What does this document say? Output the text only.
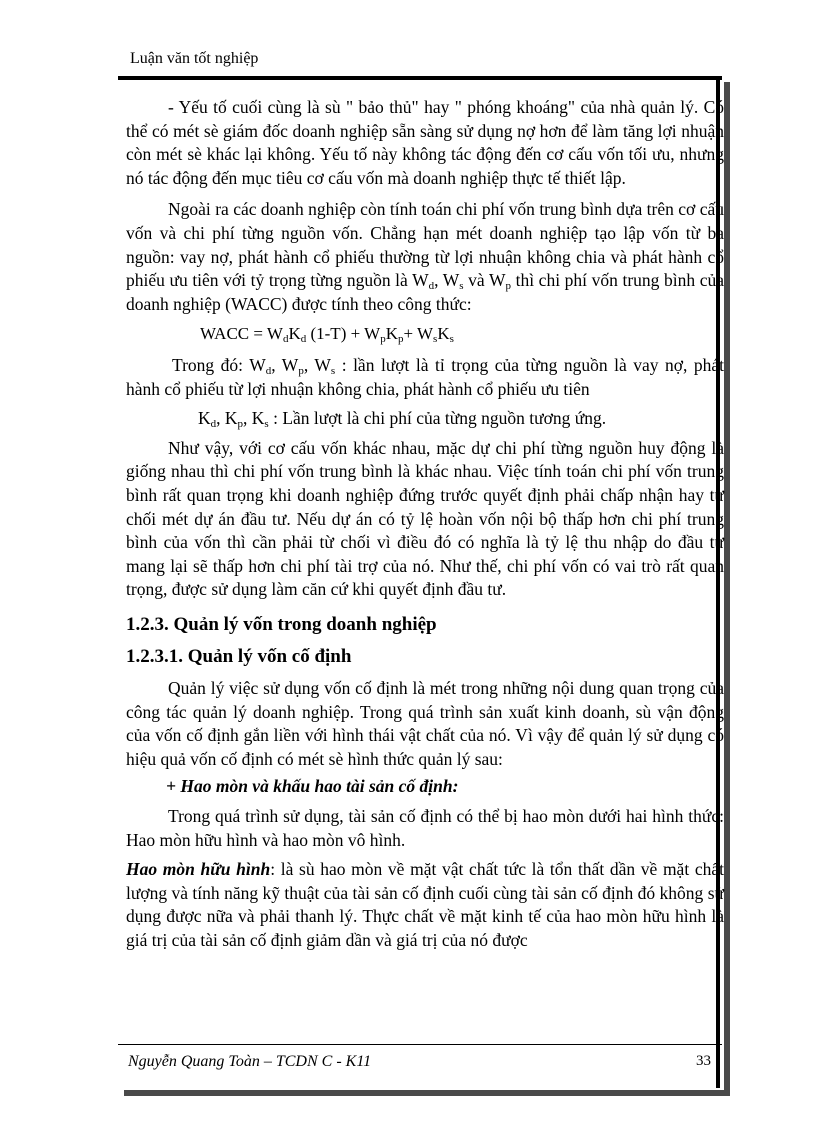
Luận văn tốt nghiệp

- Yếu tố cuối cùng là sù " bảo thủ" hay " phóng khoáng" của nhà quản lý. Có thể có mét sè giám đốc doanh nghiệp sẵn sàng sử dụng nợ hơn để làm tăng lợi nhuận còn mét sè khác lại không. Yếu tố này không tác động đến cơ cấu vốn tối ưu, nhưng nó tác động đến mục tiêu cơ cấu vốn mà doanh nghiệp thực tế thiết lập.

Ngoài ra các doanh nghiệp còn tính toán chi phí vốn trung bình dựa trên cơ cấu vốn và chi phí từng nguồn vốn. Chẳng hạn mét doanh nghiệp tạo lập vốn từ ba nguồn: vay nợ, phát hành cổ phiếu thường từ lợi nhuận không chia và phát hành cổ phiếu ưu tiên với tỷ trọng từng nguồn là $W_d$, $W_s$ và $W_p$ thì chi phí vốn trung bình của doanh nghiệp (WACC) được tính theo công thức:

WACC = $W_dK_d$ $(1-T) + W_pK_p+ W_sK_s$

Trong đó: $W_d$, $W_p$, $W_s$ : lần lượt là tỉ trọng của từng nguồn là vay nợ, phát hành cổ phiếu từ lợi nhuận không chia, phát hành cổ phiếu ưu tiên

$K_d$, $K_p$, $K_s$ : Lần lượt là chi phí của từng nguồn tương ứng.

Như vậy, với cơ cấu vốn khác nhau, mặc dự chi phí từng nguồn huy động là giống nhau thì chi phí vốn trung bình là khác nhau. Việc tính toán chi phí vốn trung bình rất quan trọng khi doanh nghiệp đứng trước quyết định phải chấp nhận hay từ chối mét dự án đầu tư. Nếu dự án có tỷ lệ hoàn vốn nội bộ thấp hơn chi phí trung bình của vốn thì cần phải từ chối vì điều đó có nghĩa là tỷ lệ thu nhập do đầu tư mang lại sẽ thấp hơn chi phí tài trợ của nó. Như thế, chi phí vốn có vai trò rất quan trọng, được sử dụng làm căn cứ khi quyết định đầu tư.

1.2.3. Quản lý vốn trong doanh nghiệp

1.2.3.1. Quản lý vốn cố định

Quản lý việc sử dụng vốn cố định là mét trong những nội dung quan trọng của công tác quản lý doanh nghiệp. Trong quá trình sản xuất kinh doanh, sù vận động của vốn cố định gắn liền với hình thái vật chất của nó. Vì vậy để quản lý sử dụng có hiệu quả vốn cố định có mét sè hình thức quản lý sau:

+ Hao mòn và khấu hao tài sản cố định:

Trong quá trình sử dụng, tài sản cố định có thể bị hao mòn dưới hai hình thức: Hao mòn hữu hình và hao mòn vô hình.

Hao mòn hữu hình: là sù hao mòn về mặt vật chất tức là tổn thất dần về mặt chất lượng và tính năng kỹ thuật của tài sản cố định cuối cùng tài sản cố định đó không sử dụng được nữa và phải thanh lý. Thực chất về mặt kinh tế của hao mòn hữu hình là giá trị của tài sản cố định giảm dần và giá trị của nó được

Nguyễn Quang Toàn – TCDN C - K11	33
